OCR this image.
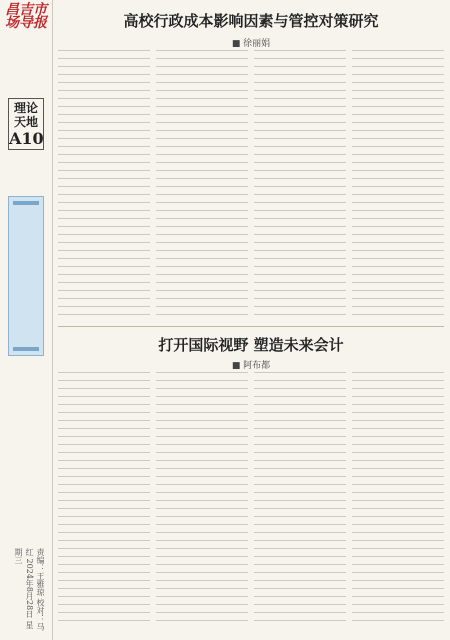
昌吉市场导报
理论天地
A10
责编：王雅琼 校对：马红 2024年8月28日 星期三
高校行政成本影响因素与管控对策研究
■ 徐丽娟
打开国际视野 塑造未来会计
■ 阿布都
